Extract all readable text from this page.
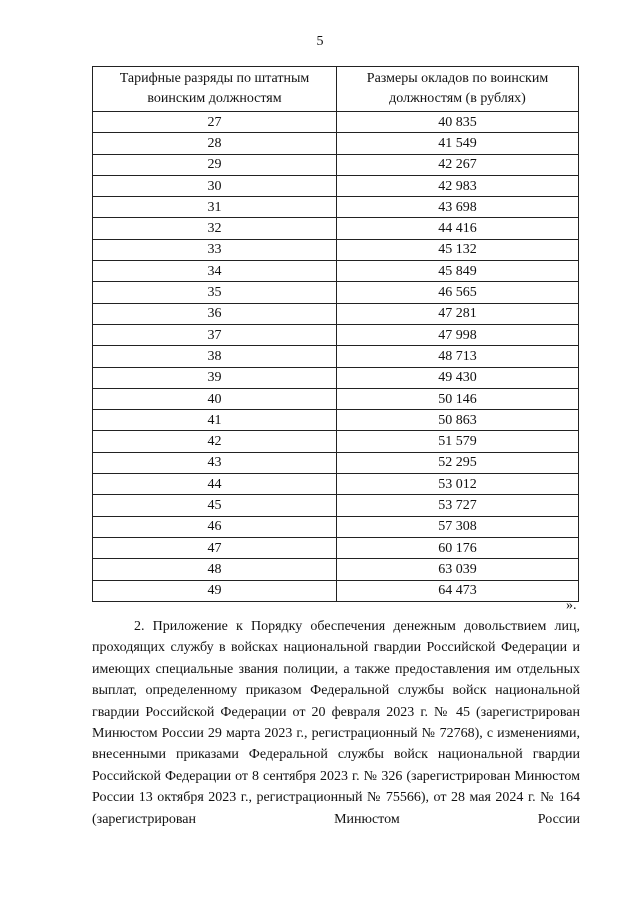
5
Тарифные разряды по штатным воинским должностям	Размеры окладов по воинским должностям (в рублях)
27	40 835
28	41 549
29	42 267
30	42 983
31	43 698
32	44 416
33	45 132
34	45 849
35	46 565
36	47 281
37	47 998
38	48 713
39	49 430
40	50 146
41	50 863
42	51 579
43	52 295
44	53 012
45	53 727
46	57 308
47	60 176
48	63 039
49	64 473
».

2. Приложение к Порядку обеспечения денежным довольствием лиц, проходящих службу в войсках национальной гвардии Российской Федерации и имеющих специальные звания полиции, а также предоставления им отдельных выплат, определенному приказом Федеральной службы войск национальной гвардии Российской Федерации от 20 февраля 2023 г. № 45 (зарегистрирован Минюстом России 29 марта 2023 г., регистрационный № 72768), с изменениями, внесенными приказами Федеральной службы войск национальной гвардии Российской Федерации от 8 сентября 2023 г. № 326 (зарегистрирован Минюстом России 13 октября 2023 г., регистрационный № 75566), от 28 мая 2024 г. № 164 (зарегистрирован Минюстом России
